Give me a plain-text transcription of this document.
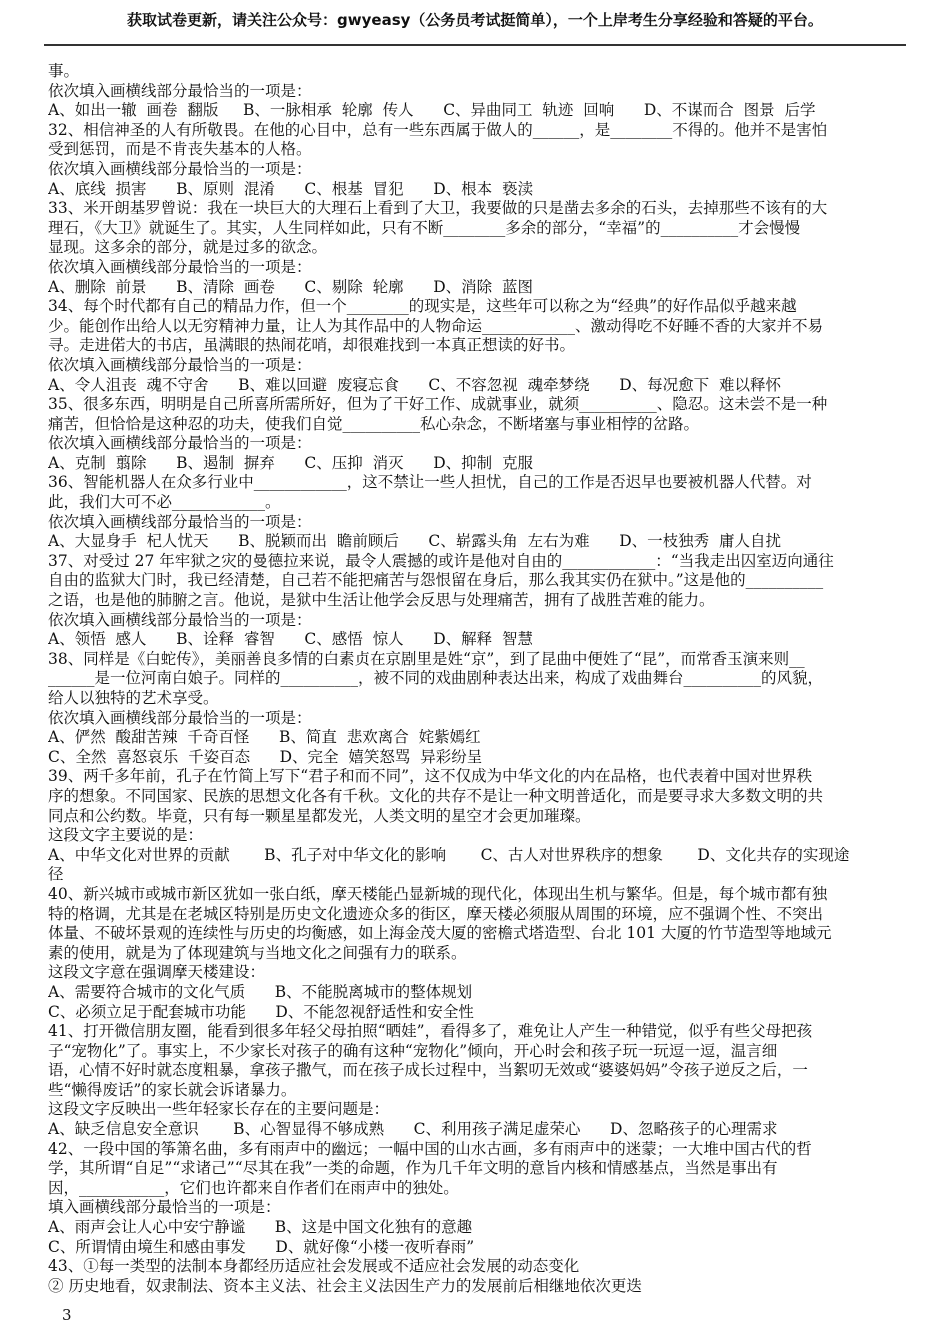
获取试卷更新，请关注公众号：gwyeasy（公务员考试挺简单），一个上岸考生分享经验和答疑的平台。
事。
依次填入画横线部分最恰当的一项是：
A、如出一辙  画卷  翻版     B、一脉相承  轮廓  传人      C、异曲同工  轨迹  回响      D、不谋而合  图景  后学
32、相信神圣的人有所敬畏。在他的心目中，总有一些东西属于做人的______，是________不得的。他并不是害怕
受到惩罚，而是不肯丧失基本的人格。
依次填入画横线部分最恰当的一项是：
A、底线  损害      B、原则  混淆      C、根基  冒犯      D、根本  亵渎
33、米开朗基罗曾说：我在一块巨大的大理石上看到了大卫，我要做的只是凿去多余的石头，去掉那些不该有的大
理石，《大卫》就诞生了。其实，人生同样如此，只有不断________多余的部分，“幸福”的__________才会慢慢
显现。这多余的部分，就是过多的欲念。
依次填入画横线部分最恰当的一项是：
A、删除  前景      B、清除  画卷      C、剔除  轮廓      D、消除  蓝图
34、每个时代都有自己的精品力作，但一个________的现实是，这些年可以称之为“经典”的好作品似乎越来越
少。能创作出给人以无穷精神力量，让人为其作品中的人物命运____________、激动得吃不好睡不香的大家并不易
寻。走进偌大的书店，虽满眼的热闹花哨，却很难找到一本真正想读的好书。
依次填入画横线部分最恰当的一项是：
A、令人沮丧  魂不守舍      B、难以回避  废寝忘食      C、不容忽视  魂牵梦绕      D、每况愈下  难以释怀
35、很多东西，明明是自己所喜所需所好，但为了干好工作、成就事业，就须__________、隐忍。这未尝不是一种
痛苦，但恰恰是这种忍的功夫，使我们自觉__________私心杂念，不断堵塞与事业相悖的岔路。
依次填入画横线部分最恰当的一项是：
A、克制  翦除      B、遏制  摒弃      C、压抑  消灭      D、抑制  克服
36、智能机器人在众多行业中____________，这不禁让一些人担忧，自己的工作是否迟早也要被机器人代替。对
此，我们大可不必____________。
依次填入画横线部分最恰当的一项是：
A、大显身手  杞人忧天      B、脱颖而出  瞻前顾后      C、崭露头角  左右为难      D、一枝独秀  庸人自扰
37、对受过 27 年牢狱之灾的曼德拉来说，最令人震撼的或许是他对自由的____________：“当我走出囚室迈向通往
自由的监狱大门时，我已经清楚，自己若不能把痛苦与怨恨留在身后，那么我其实仍在狱中。”这是他的__________
之语，也是他的肺腑之言。他说，是狱中生活让他学会反思与处理痛苦，拥有了战胜苦难的能力。
依次填入画横线部分最恰当的一项是：
A、领悟  感人      B、诠释  睿智      C、感悟  惊人      D、解释  智慧
38、同样是《白蛇传》，美丽善良多情的白素贞在京剧里是姓“京”，到了昆曲中便姓了“昆”，而常香玉演来则__
______是一位河南白娘子。同样的__________，被不同的戏曲剧种表达出来，构成了戏曲舞台__________的风貌，
给人以独特的艺术享受。
依次填入画横线部分最恰当的一项是：
A、俨然  酸甜苦辣  千奇百怪      B、简直  悲欢离合  姹紫嫣红
C、全然  喜怒哀乐  千姿百态      D、完全  嬉笑怒骂  异彩纷呈
39、两千多年前，孔子在竹简上写下“君子和而不同”，这不仅成为中华文化的内在品格，也代表着中国对世界秩
序的想象。不同国家、民族的思想文化各有千秋。文化的共存不是让一种文明普适化，而是要寻求大多数文明的共
同点和公约数。毕竟，只有每一颗星星都发光，人类文明的星空才会更加璀璨。
这段文字主要说的是：
A、中华文化对世界的贡献       B、孔子对中华文化的影响       C、古人对世界秩序的想象       D、文化共存的实现途
径
40、新兴城市或城市新区犹如一张白纸，摩天楼能凸显新城的现代化，体现出生机与繁华。但是，每个城市都有独
特的格调，尤其是在老城区特别是历史文化遗迹众多的街区，摩天楼必须服从周围的环境，应不强调个性、不突出
体量、不破坏景观的连续性与历史的均衡感，如上海金茂大厦的密檐式塔造型、台北 101 大厦的竹节造型等地域元
素的使用，就是为了体现建筑与当地文化之间强有力的联系。
这段文字意在强调摩天楼建设：
A、需要符合城市的文化气质      B、不能脱离城市的整体规划
C、必须立足于配套城市功能      D、不能忽视舒适性和安全性
41、打开微信朋友圈，能看到很多年轻父母拍照“晒娃”，看得多了，难免让人产生一种错觉，似乎有些父母把孩
子“宠物化”了。事实上，不少家长对孩子的确有这种“宠物化”倾向，开心时会和孩子玩一玩逗一逗，温言细
语，心情不好时就态度粗暴，拿孩子撒气，而在孩子成长过程中，当絮叨无效或“婆婆妈妈”令孩子逆反之后，一
些“懒得废话”的家长就会诉诸暴力。
这段文字反映出一些年轻家长存在的主要问题是：
A、缺乏信息安全意识       B、心智显得不够成熟      C、利用孩子满足虚荣心      D、忽略孩子的心理需求
42、一段中国的筝箫名曲，多有雨声中的幽远；一幅中国的山水古画，多有雨声中的迷蒙；一大堆中国古代的哲
学，其所谓“自足”“求诸己”“尽其在我”一类的命题，作为几千年文明的意旨内核和情感基点，当然是事出有
因，___________，它们也许都来自作者们在雨声中的独处。
填入画横线部分最恰当的一项是：
A、雨声会让人心中安宁静谧      B、这是中国文化独有的意趣
C、所谓情由境生和感由事发      D、就好像“小楼一夜听春雨”
43、①每一类型的法制本身都经历适应社会发展或不适应社会发展的动态变化
② 历史地看，奴隶制法、资本主义法、社会主义法因生产力的发展前后相继地依次更迭
3
